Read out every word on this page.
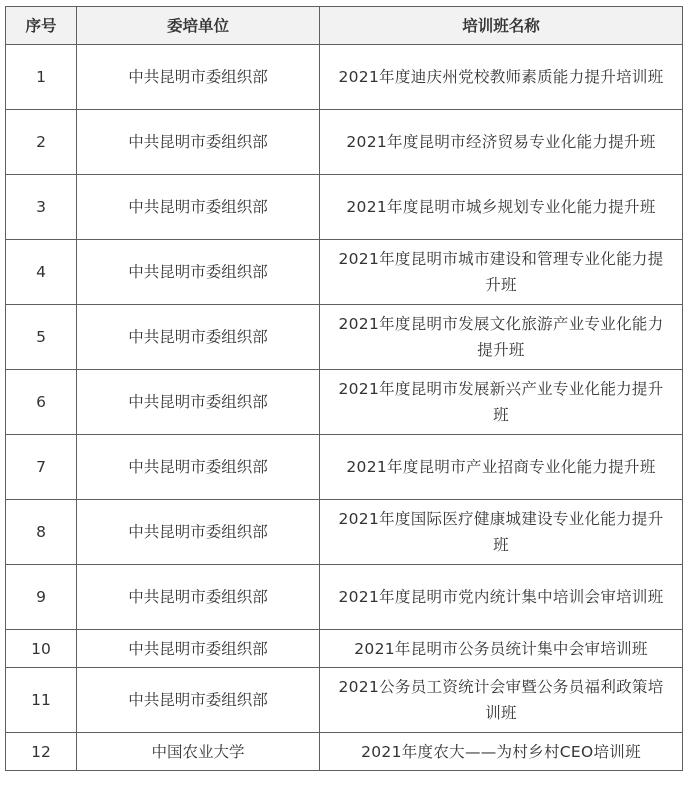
序号	委培单位	培训班名称
1	中共昆明市委组织部	2021年度迪庆州党校教师素质能力提升培训班
2	中共昆明市委组织部	2021年度昆明市经济贸易专业化能力提升班
3	中共昆明市委组织部	2021年度昆明市城乡规划专业化能力提升班
4	中共昆明市委组织部	2021年度昆明市城市建设和管理专业化能力提升班
5	中共昆明市委组织部	2021年度昆明市发展文化旅游产业专业化能力提升班
6	中共昆明市委组织部	2021年度昆明市发展新兴产业专业化能力提升班
7	中共昆明市委组织部	2021年度昆明市产业招商专业化能力提升班
8	中共昆明市委组织部	2021年度国际医疗健康城建设专业化能力提升班
9	中共昆明市委组织部	2021年度昆明市党内统计集中培训会审培训班
10	中共昆明市委组织部	2021年昆明市公务员统计集中会审培训班
11	中共昆明市委组织部	2021公务员工资统计会审暨公务员福利政策培训班
12	中国农业大学	2021年度农大——为村乡村CEO培训班
